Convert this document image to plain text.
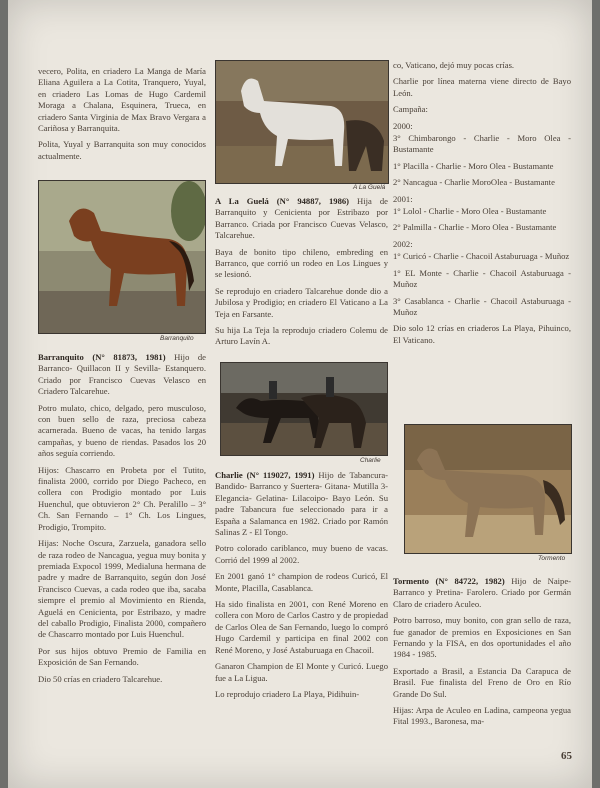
vecero, Polita, en criadero La Manga de María Eliana Aguilera a La Cotita, Tranquero, Yuyal, en criadero Las Lomas de Hugo Cardemil Moraga a Chalana, Esquinera, Trueca, en criadero Santa Virginia de Max Bravo Vergara a Cariñosa y Barranquita.

Polita, Yuyal y Barranquita son muy conocidos actualmente.

Barranquito

Barranquito (N° 81873, 1981) Hijo de Barranco- Quillacon II y Sevilla- Estanquero. Criado por Francisco Cuevas Velasco en Criadero Talcarehue.

Potro mulato, chico, delgado, pero musculoso, con buen sello de raza, preciosa cabeza acarnerada. Bueno de vacas, ha tenido largas campañas, y bueno de riendas. Pasados los 20 años seguía corriendo.

Hijos: Chascarro en Probeta por el Tutito, finalista 2000, corrido por Diego Pacheco, en collera con Prodigio montado por Luis Huenchul, que obtuvieron 2° Ch. Peralillo – 3° Ch. San Fernando – 1° Ch. Los Lingues, Prodigio, Trompito.

Hijas: Noche Oscura, Zarzuela, ganadora sello de raza rodeo de Nancagua, yegua muy bonita y premiada Expocol 1999, Medialuna hermana de padre y madre de Barranquito, según don José Francisco Cuevas, a cada rodeo que iba, sacaba siempre el premio al Movimiento en Rienda, Aguelá en Cenicienta, por Estribazo, y madre del caballo Prodigio, Finalista 2000, compañero de Chascarro montado por Luis Huenchul.

Por sus hijos obtuvo Premio de Familia en Exposición de San Fernando.

Dio 50 crías en criadero Talcarehue.

A La Guelá

A La Guelá (N° 94887, 1986) Hija de Barranquito y Cenicienta por Estribazo por Barranco. Criada por Francisco Cuevas Velasco, Talcarehue.

Baya de bonito tipo chileno, embreding en Barranco, que corrió un rodeo en Los Lingues y se lesionó.

Se reprodujo en criadero Talcarehue donde dio a Jubilosa y Prodigio; en criadero El Vaticano a La Teja en Farsante.

Su hija La Teja la reprodujo criadero Colemu de Arturo Lavín A.

Charlie

Charlie (N° 119027, 1991) Hijo de Tabancura- Bandido- Barranco y Suertera- Gitana- Mutilla 3- Elegancia- Gelatina- Lilacoipo- Bayo León. Su padre Tabancura fue seleccionado para ir a España a Salamanca en 1982. Criado por Ramón Salinas Z - El Tongo.

Potro colorado cariblanco, muy bueno de vacas. Corrió del 1999 al 2002.

En 2001 ganó 1° champion de rodeos Curicó, El Monte, Placilla, Casablanca.

Ha sido finalista en 2001, con René Moreno en collera con Moro de Carlos Castro y de propiedad de Carlos Olea de San Fernando, luego lo compró Hugo Cardemil y participa en final 2002 con René Moreno, y José Astaburuaga en Chacoil.

Ganaron Champion de El Monte y Curicó. Luego fue a La Ligua.

Lo reprodujo criadero La Playa, Pidihuin-

co, Vaticano, dejó muy pocas crías.

Charlie por línea materna viene directo de Bayo León.

Campaña:

2000:

3° Chimbarongo - Charlie - Moro Olea - Bustamante

1° Placilla - Charlie - Moro Olea - Bustamante

2° Nancagua - Charlie MoroOlea - Bustamante

2001:

1° Lolol - Charlie - Moro Olea - Bustamante

2° Palmilla - Charlie - Moro Olea - Bustamante

2002:

1° Curicó - Charlie - Chacoil Astaburuaga - Muñoz

1° EL Monte - Charlie - Chacoil Astaburuaga - Muñoz

3° Casablanca - Charlie - Chacoil Astaburuaga - Muñoz

Dio solo 12 crías en criaderos La Playa, Pihuinco, El Vaticano.

Tormento

Tormento (N° 84722, 1982) Hijo de Naipe- Barranco y Pretina- Farolero. Criado por Germán Claro de criadero Aculeo.

Potro barroso, muy bonito, con gran sello de raza, fue ganador de premios en Exposiciones en San Fernando y la FISA, en dos oportunidades el año 1984 - 1985.

Exportado a Brasil, a Estancia Da Carapuca de Brasil. Fue finalista del Freno de Oro en Río Grande Do Sul.

Hijas: Arpa de Aculeo en Ladina, campeona yegua Fital 1993., Baronesa, ma-

65
